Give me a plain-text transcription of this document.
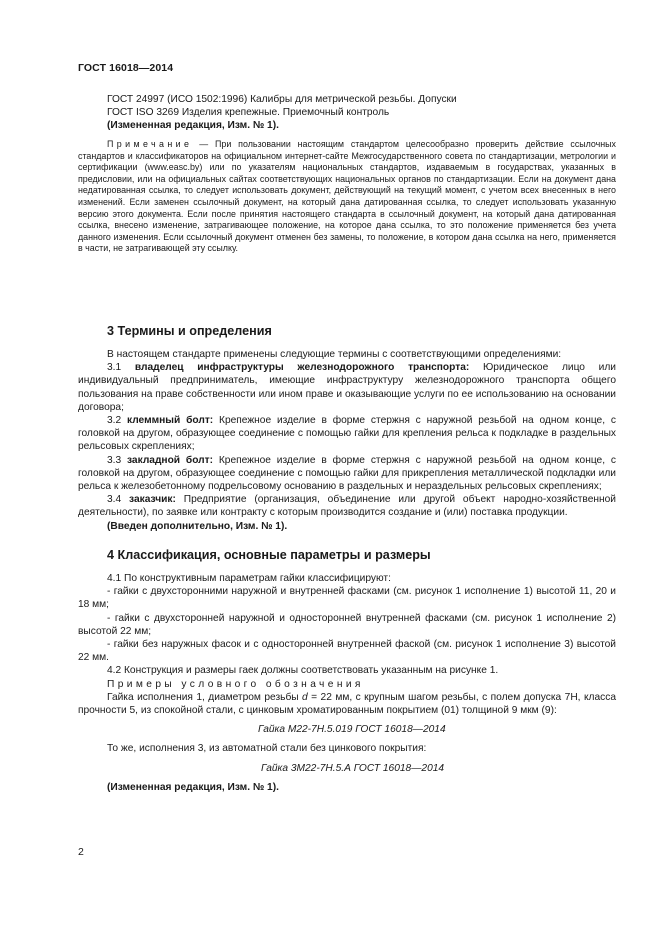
ГОСТ 16018—2014

ГОСТ 24997 (ИСО 1502:1996) Калибры для метрической резьбы. Допуски

ГОСТ ISO 3269 Изделия крепежные. Приемочный контроль

(Измененная редакция, Изм. № 1).

Примечание — При пользовании настоящим стандартом целесообразно проверить действие ссылочных стандартов и классификаторов на официальном интернет-сайте Межгосударственного совета по стандартизации, метрологии и сертификации (www.easc.by) или по указателям национальных стандартов, издаваемым в государствах, указанных в предисловии, или на официальных сайтах соответствующих национальных органов по стандартизации. Если на документ дана недатированная ссылка, то следует использовать документ, действующий на текущий момент, с учетом всех внесенных в него изменений. Если заменен ссылочный документ, на который дана датированная ссылка, то следует использовать указанную версию этого документа. Если после принятия настоящего стандарта в ссылочный документ, на который дана датированная ссылка, внесено изменение, затрагивающее положение, на которое дана ссылка, то это положение применяется без учета данного изменения. Если ссылочный документ отменен без замены, то положение, в котором дана ссылка на него, применяется в части, не затрагивающей эту ссылку.

3 Термины и определения

В настоящем стандарте применены следующие термины с соответствующими определениями:

3.1 владелец инфраструктуры железнодорожного транспорта: Юридическое лицо или индивидуальный предприниматель, имеющие инфраструктуру железнодорожного транспорта общего пользования на праве собственности или ином праве и оказывающие услуги по ее использованию на основании договора;

3.2 клеммный болт: Крепежное изделие в форме стержня с наружной резьбой на одном конце, с головкой на другом, образующее соединение с помощью гайки для крепления рельса к подкладке в раздельных рельсовых скреплениях;

3.3 закладной болт: Крепежное изделие в форме стержня с наружной резьбой на одном конце, с головкой на другом, образующее соединение с помощью гайки для прикрепления металлической подкладки или рельса к железобетонному подрельсовому основанию в раздельных и нераздельных рельсовых скреплениях;

3.4 заказчик: Предприятие (организация, объединение или другой объект народно-хозяйственной деятельности), по заявке или контракту с которым производится создание и (или) поставка продукции.

(Введен дополнительно, Изм. № 1).

4 Классификация, основные параметры и размеры

4.1 По конструктивным параметрам гайки классифицируют:

- гайки с двухсторонними наружной и внутренней фасками (см. рисунок 1 исполнение 1) высотой 11, 20 и 18 мм;

- гайки с двухсторонней наружной и односторонней внутренней фасками (см. рисунок 1 исполнение 2) высотой 22 мм;

- гайки без наружных фасок и с односторонней внутренней фаской (см. рисунок 1 исполнение 3) высотой 22 мм.

4.2 Конструкция и размеры гаек должны соответствовать указанным на рисунке 1.

Примеры условного обозначения

Гайка исполнения 1, диаметром резьбы d = 22 мм, с крупным шагом резьбы, с полем допуска 7H, класса прочности 5, из спокойной стали, с цинковым хроматированным покрытием (01) толщиной 9 мкм (9):

Гайка М22-7Н.5.019 ГОСТ 16018—2014

То же, исполнения 3, из автоматной стали без цинкового покрытия:

Гайка 3М22-7Н.5.А ГОСТ 16018—2014

(Измененная редакция, Изм. № 1).

2
